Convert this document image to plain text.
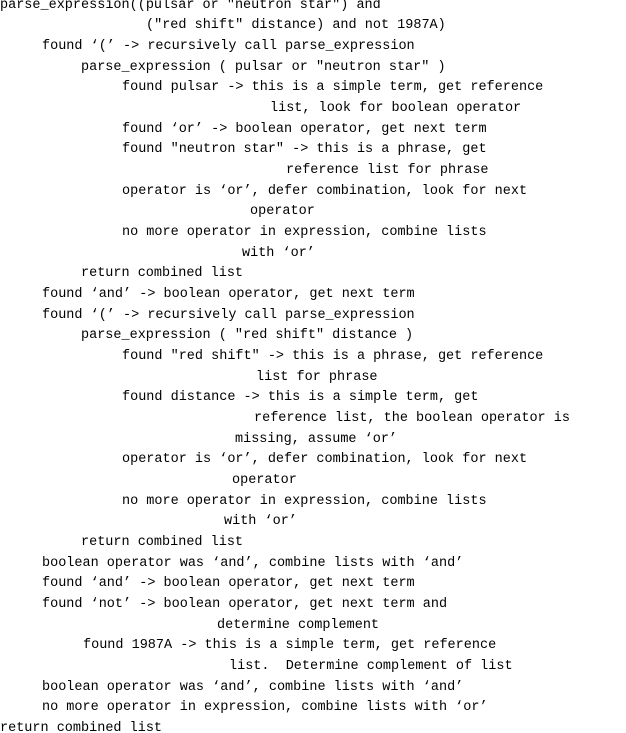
parse_expression((pulsar or "neutron star") and
("red shift" distance) and not 1987A)
found ‘(’ -> recursively call parse_expression
parse_expression ( pulsar or "neutron star" )
found pulsar -> this is a simple term, get reference
list, look for boolean operator
found ‘or’ -> boolean operator, get next term
found "neutron star" -> this is a phrase, get
reference list for phrase
operator is ‘or’, defer combination, look for next
operator
no more operator in expression, combine lists
with ‘or’
return combined list
found ‘and’ -> boolean operator, get next term
found ‘(’ -> recursively call parse_expression
parse_expression ( "red shift" distance )
found "red shift" -> this is a phrase, get reference
list for phrase
found distance -> this is a simple term, get
reference list, the boolean operator is
missing, assume ‘or’
operator is ‘or’, defer combination, look for next
operator
no more operator in expression, combine lists
with ‘or’
return combined list
boolean operator was ‘and’, combine lists with ‘and’
found ‘and’ -> boolean operator, get next term
found ‘not’ -> boolean operator, get next term and
determine complement
found 1987A -> this is a simple term, get reference
list.  Determine complement of list
boolean operator was ‘and’, combine lists with ‘and’
no more operator in expression, combine lists with ‘or’
return combined list
